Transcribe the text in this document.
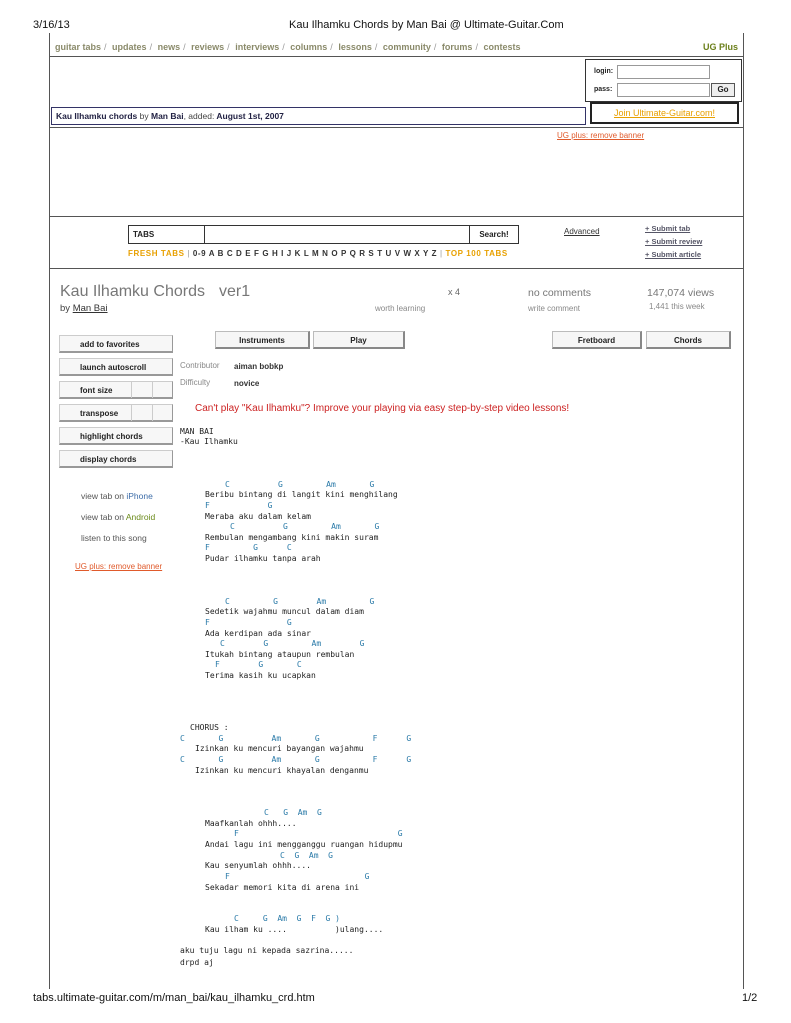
3/16/13	Kau Ilhamku Chords by Man Bai @ Ultimate-Guitar.Com
guitar tabs / updates / news / reviews / interviews / columns / lessons / community / forums / contests	UG Plus
login:
pass:	Go
Join Ultimate-Guitar.com!
Kau Ilhamku chords by Man Bai, added: August 1st, 2007
UG plus: remove banner
TABS	Search!
FRESH TABS | 0-9 A B C D E F G H I J K L M N O P Q R S T U V W X Y Z | TOP 100 TABS
Advanced	+ Submit tab
+ Submit review
+ Submit article
Kau Ilhamku Chords ver1
by Man Bai
x 4
worth learning
no comments
write comment
147,074 views
1,441 this week
Instruments	Play	Fretboard	Chords
add to favorites
launch autoscroll
font size
transpose
highlight chords
display chords
view tab on iPhone
view tab on Android
listen to this song
UG plus: remove banner
Contributor aiman bobkp
Difficulty	novice
Can't play "Kau Ilhamku"? Improve your playing via easy step-by-step video lessons!
MAN BAI
-Kau Ilhamku
C          G         Am       G
Beribu bintang di langit kini menghilang
F            G
Meraba aku dalam kelam
C          G         Am       G
Rembulan mengambang kini makin suram
F         G      C
Pudar ilhamku tanpa arah
C         G        Am         G
Sedetik wajahmu muncul dalam diam
F                G
Ada kerdipan ada sinar
C        G         Am        G
Itukah bintang ataupun rembulan
F        G       C
Terima kasih ku ucapkan
CHORUS :
C       G          Am       G           F      G
Izinkan ku mencuri bayangan wajahmu
C       G          Am       G           F      G
Izinkan ku mencuri khayalan denganmu
C   G  Am  G
Maafkanlah ohhh....
F                                 G
Andai lagu ini mengganggu ruangan hidupmu
C  G  Am  G
Kau senyumlah ohhh....
F                            G
Sekadar memori kita di arena ini
C     G  Am  G  F  G )
Kau ilham ku ....          )ulang....
aku tuju lagu ni kepada sazrina.....
drpd aj
tabs.ultimate-guitar.com/m/man_bai/kau_ilhamku_crd.htm	1/2
